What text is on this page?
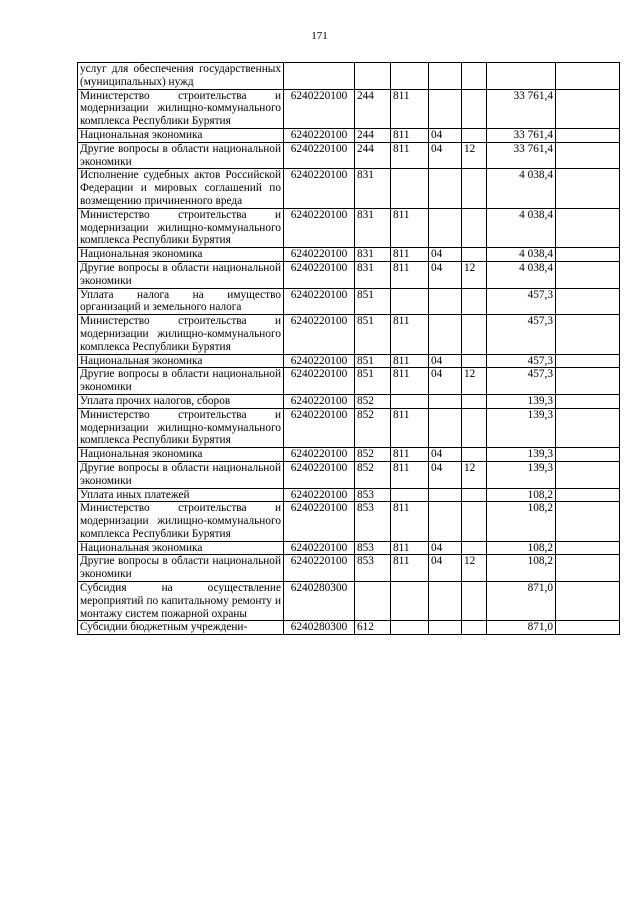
171
услуг для обеспечения государственных (муниципальных) нужд							
Министерство строительства и модернизации жилищно-коммунального комплекса Республики Бурятия	6240220100	244	811			33 761,4	
Национальная экономика	6240220100	244	811	04		33 761,4	
Другие вопросы в области национальной экономики	6240220100	244	811	04	12	33 761,4	
Исполнение судебных актов Российской Федерации и мировых соглашений по возмещению причиненного вреда	6240220100	831				4 038,4	
Министерство строительства и модернизации жилищно-коммунального комплекса Республики Бурятия	6240220100	831	811			4 038,4	
Национальная экономика	6240220100	831	811	04		4 038,4	
Другие вопросы в области национальной экономики	6240220100	831	811	04	12	4 038,4	
Уплата налога на имущество организаций и земельного налога	6240220100	851				457,3	
Министерство строительства и модернизации жилищно-коммунального комплекса Республики Бурятия	6240220100	851	811			457,3	
Национальная экономика	6240220100	851	811	04		457,3	
Другие вопросы в области национальной экономики	6240220100	851	811	04	12	457,3	
Уплата прочих налогов, сборов	6240220100	852				139,3	
Министерство строительства и модернизации жилищно-коммунального комплекса Республики Бурятия	6240220100	852	811			139,3	
Национальная экономика	6240220100	852	811	04		139,3	
Другие вопросы в области национальной экономики	6240220100	852	811	04	12	139,3	
Уплата иных платежей	6240220100	853				108,2	
Министерство строительства и модернизации жилищно-коммунального комплекса Республики Бурятия	6240220100	853	811			108,2	
Национальная экономика	6240220100	853	811	04		108,2	
Другие вопросы в области национальной экономики	6240220100	853	811	04	12	108,2	
Субсидия на осуществление мероприятий по капитальному ремонту и монтажу систем пожарной охраны	6240280300					871,0	
Субсидии бюджетным учреждени-	6240280300	612				871,0	
